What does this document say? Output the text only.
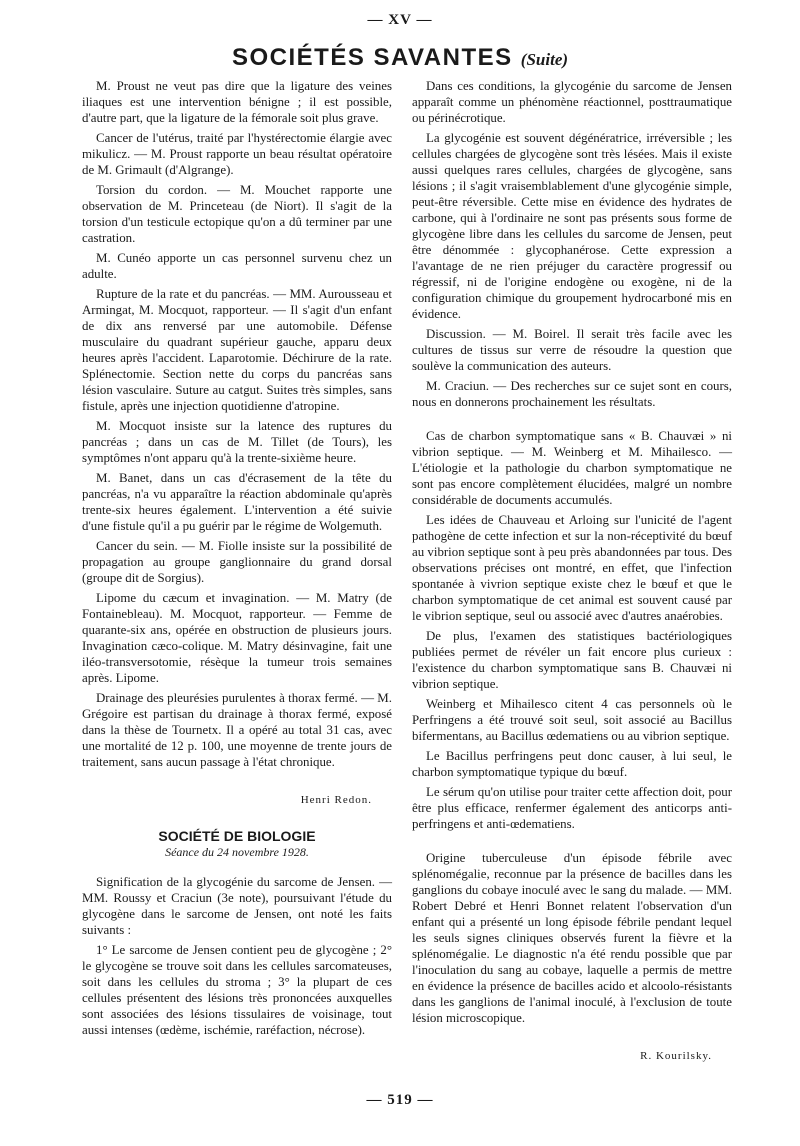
— XV —
SOCIÉTÉS SAVANTES (Suite)

M. Proust ne veut pas dire que la ligature des veines iliaques est une intervention bénigne ; il est possible, d'autre part, que la ligature de la fémorale soit plus grave.

Cancer de l'utérus, traité par l'hystérectomie élargie avec mikulicz. — M. Proust rapporte un beau résultat opératoire de M. Grimault (d'Algrange).

Torsion du cordon. — M. Mouchet rapporte une observation de M. Princeteau (de Niort). Il s'agit de la torsion d'un testicule ectopique qu'on a dû terminer par une castration.

M. Cunéo apporte un cas personnel survenu chez un adulte.

Rupture de la rate et du pancréas. — MM. Aurousseau et Armingat, M. Mocquot, rapporteur. — Il s'agit d'un enfant de dix ans renversé par une automobile. Défense musculaire du quadrant supérieur gauche, apparu deux heures après l'accident. Laparotomie. Déchirure de la rate. Splénectomie. Section nette du corps du pancréas sans lésion vasculaire. Suture au catgut. Suites très simples, sans fistule, après une injection quotidienne d'atropine.

M. Mocquot insiste sur la latence des ruptures du pancréas ; dans un cas de M. Tillet (de Tours), les symptômes n'ont apparu qu'à la trente-sixième heure.

M. Banet, dans un cas d'écrasement de la tête du pancréas, n'a vu apparaître la réaction abdominale qu'après trente-six heures également. L'intervention a été suivie d'une fistule qu'il a pu guérir par le régime de Wolgemuth.

Cancer du sein. — M. Fiolle insiste sur la possibilité de propagation au groupe ganglionnaire du grand dorsal (groupe dit de Sorgius).

Lipome du cæcum et invagination. — M. Matry (de Fontainebleau). M. Mocquot, rapporteur. — Femme de quarante-six ans, opérée en obstruction de plusieurs jours. Invagination cæco-colique. M. Matry désinvagine, fait une iléo-transversotomie, résèque la tumeur trois semaines après. Lipome.

Drainage des pleurésies purulentes à thorax fermé. — M. Grégoire est partisan du drainage à thorax fermé, exposé dans la thèse de Tournetx. Il a opéré au total 31 cas, avec une mortalité de 12 p. 100, une moyenne de trente jours de traitement, sans aucun passage à l'état chronique.

Henri Redon.
SOCIÉTÉ DE BIOLOGIE
Séance du 24 novembre 1928.

Signification de la glycogénie du sarcome de Jensen. — MM. Roussy et Craciun (3e note), poursuivant l'étude du glycogène dans le sarcome de Jensen, ont noté les faits suivants :

1° Le sarcome de Jensen contient peu de glycogène ; 2° le glycogène se trouve soit dans les cellules sarcomateuses, soit dans les cellules du stroma ; 3° la plupart de ces cellules présentent des lésions très prononcées auxquelles sont associées des lésions tissulaires de voisinage, tout aussi intenses (œdème, ischémie, raréfaction, nécrose).

Dans ces conditions, la glycogénie du sarcome de Jensen apparaît comme un phénomène réactionnel, posttraumatique ou périnécrotique.

La glycogénie est souvent dégénératrice, irréversible ; les cellules chargées de glycogène sont très lésées. Mais il existe aussi quelques rares cellules, chargées de glycogène, sans lésions ; il s'agit vraisemblablement d'une glycogénie simple, peut-être réversible. Cette mise en évidence des hydrates de carbone, qui à l'ordinaire ne sont pas présents sous forme de glycogène libre dans les cellules du sarcome de Jensen, peut être dénommée : glycophanérose. Cette expression a l'avantage de ne rien préjuger du caractère progressif ou régressif, ni de l'origine endogène ou exogène, ni de la configuration chimique du groupement hydrocarboné mis en évidence.

Discussion. — M. Boirel. Il serait très facile avec les cultures de tissus sur verre de résoudre la question que soulève la communication des auteurs.

M. Craciun. — Des recherches sur ce sujet sont en cours, nous en donnerons prochainement les résultats.

Cas de charbon symptomatique sans « B. Chauvæi » ni vibrion septique. — M. Weinberg et M. Mihailesco. — L'étiologie et la pathologie du charbon symptomatique ne sont pas encore complètement élucidées, malgré un nombre considérable de documents accumulés.

Les idées de Chauveau et Arloing sur l'unicité de l'agent pathogène de cette infection et sur la non-réceptivité du bœuf au vibrion septique sont à peu près abandonnées par tous. Des observations précises ont montré, en effet, que l'infection spontanée à vivrion septique existe chez le bœuf et que le charbon symptomatique de cet animal est souvent causé par le vibrion septique, seul ou associé avec d'autres anaérobies.

De plus, l'examen des statistiques bactériologiques publiées permet de révéler un fait encore plus curieux : l'existence du charbon symptomatique sans B. Chauvæi ni vibrion septique.

Weinberg et Mihailesco citent 4 cas personnels où le Perfringens a été trouvé soit seul, soit associé au Bacillus bifermentans, au Bacillus œdematiens ou au vibrion septique.

Le Bacillus perfringens peut donc causer, à lui seul, le charbon symptomatique typique du bœuf.

Le sérum qu'on utilise pour traiter cette affection doit, pour être plus efficace, renfermer également des anticorps anti-perfringens et anti-œdematiens.

Origine tuberculeuse d'un épisode fébrile avec splénomégalie, reconnue par la présence de bacilles dans les ganglions du cobaye inoculé avec le sang du malade. — MM. Robert Debré et Henri Bonnet relatent l'observation d'un enfant qui a présenté un long épisode fébrile pendant lequel les seuls signes cliniques observés furent la fièvre et la splénomégalie. Le diagnostic n'a été rendu possible que par l'inoculation du sang au cobaye, laquelle a permis de mettre en évidence la présence de bacilles acido et alcoolo-résistants dans les ganglions de l'animal inoculé, à l'exclusion de toute lésion microscopique.

R. Kourilsky.
— 519 —
